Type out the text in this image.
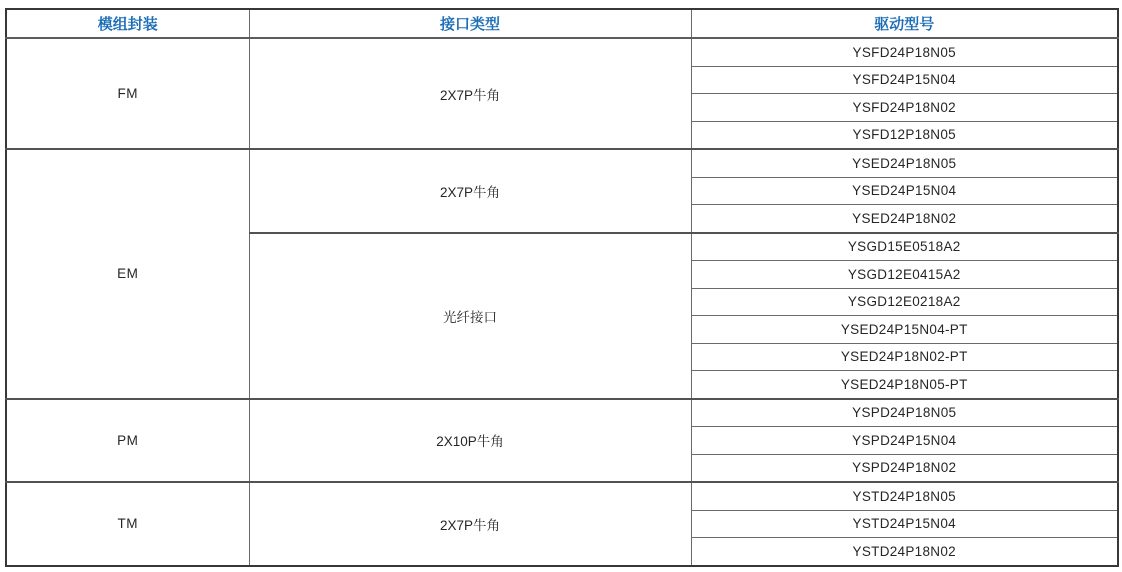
模组封装	接口类型	驱动型号
FM	2X7P牛角	YSFD24P18N05
		YSFD24P15N04
		YSFD24P18N02
		YSFD12P18N05
EM	2X7P牛角	YSED24P18N05
		YSED24P15N04
		YSED24P18N02
	光纤接口	YSGD15E0518A2
		YSGD12E0415A2
		YSGD12E0218A2
		YSED24P15N04-PT
		YSED24P18N02-PT
		YSED24P18N05-PT
PM	2X10P牛角	YSPD24P18N05
		YSPD24P15N04
		YSPD24P18N02
TM	2X7P牛角	YSTD24P18N05
		YSTD24P15N04
		YSTD24P18N02
